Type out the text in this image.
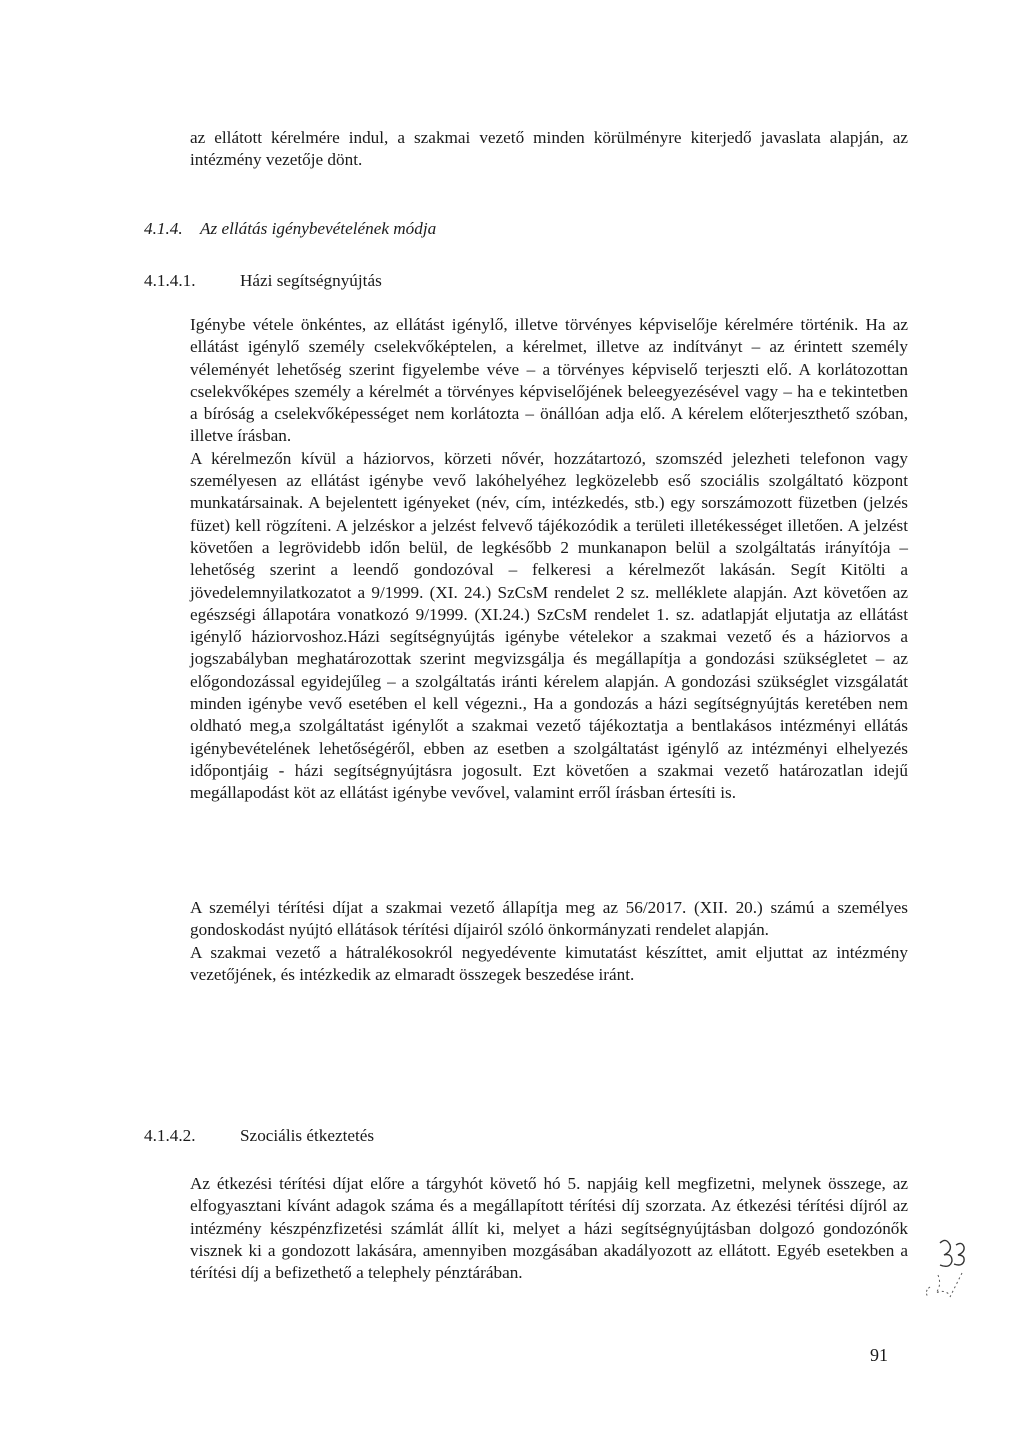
az ellátott kérelmére indul, a szakmai vezető minden körülményre kiterjedő javaslata alapján, az intézmény vezetője dönt.

4.1.4. Az ellátás igénybevételének módja
4.1.4.1.	Házi segítségnyújtás

Igénybe vétele önkéntes, az ellátást igénylő, illetve törvényes képviselője kérelmére történik. Ha az ellátást igénylő személy cselekvőképtelen, a kérelmet, illetve az indítványt – az érintett személy véleményét lehetőség szerint figyelembe véve – a törvényes képviselő terjeszti elő. A korlátozottan cselekvőképes személy a kérelmét a törvényes képviselőjének beleegyezésével vagy – ha e tekintetben a bíróság a cselekvőképességet nem korlátozta – önállóan adja elő. A kérelem előterjeszthető szóban, illetve írásban.

A kérelmezőn kívül a háziorvos, körzeti nővér, hozzátartozó, szomszéd jelezheti telefonon vagy személyesen az ellátást igénybe vevő lakóhelyéhez legközelebb eső szociális szolgáltató központ munkatársainak. A bejelentett igényeket (név, cím, intézkedés, stb.) egy sorszámozott füzetben (jelzés füzet) kell rögzíteni. A jelzéskor a jelzést felvevő tájékozódik a területi illetékességet illetően. A jelzést követően a legrövidebb időn belül, de legkésőbb 2 munkanapon belül a szolgáltatás irányítója – lehetőség szerint a leendő gondozóval – felkeresi a kérelmezőt lakásán. Segít Kitölti a jövedelemnyilatkozatot a 9/1999. (XI. 24.) SzCsM rendelet 2 sz. melléklete alapján. Azt követően az egészségi állapotára vonatkozó 9/1999. (XI.24.) SzCsM rendelet 1. sz. adatlapját eljutatja az ellátást igénylő háziorvoshoz.Házi segítségnyújtás igénybe vételekor a szakmai vezető és a háziorvos a jogszabályban meghatározottak szerint megvizsgálja és megállapítja a gondozási szükségletet – az előgondozással egyidejűleg – a szolgáltatás iránti kérelem alapján. A gondozási szükséglet vizsgálatát minden igénybe vevő esetében el kell végezni., Ha a gondozás a házi segítségnyújtás keretében nem oldható meg,a szolgáltatást igénylőt a szakmai vezető tájékoztatja a bentlakásos intézményi ellátás igénybevételének lehetőségéről, ebben az esetben a szolgáltatást igénylő az intézményi elhelyezés időpontjáig - házi segítségnyújtásra jogosult. Ezt követően a szakmai vezető határozatlan idejű megállapodást köt az ellátást igénybe vevővel, valamint erről írásban értesíti is.

A személyi térítési díjat a szakmai vezető állapítja meg az 56/2017. (XII. 20.) számú a személyes gondoskodást nyújtó ellátások térítési díjairól szóló önkormányzati rendelet alapján.

A szakmai vezető a hátralékosokról negyedévente kimutatást készíttet, amit eljuttat az intézmény vezetőjének, és intézkedik az elmaradt összegek beszedése iránt.

4.1.4.2.	Szociális étkeztetés

Az étkezési térítési díjat előre a tárgyhót követő hó 5. napjáig kell megfizetni, melynek összege, az elfogyasztani kívánt adagok száma és a megállapított térítési díj szorzata. Az étkezési térítési díjról az intézmény készpénzfizetési számlát állít ki, melyet a házi segítségnyújtásban dolgozó gondozónők visznek ki a gondozott lakására, amennyiben mozgásában akadályozott az ellátott. Egyéb esetekben a térítési díj a befizethető a telephely pénztárában.

91
